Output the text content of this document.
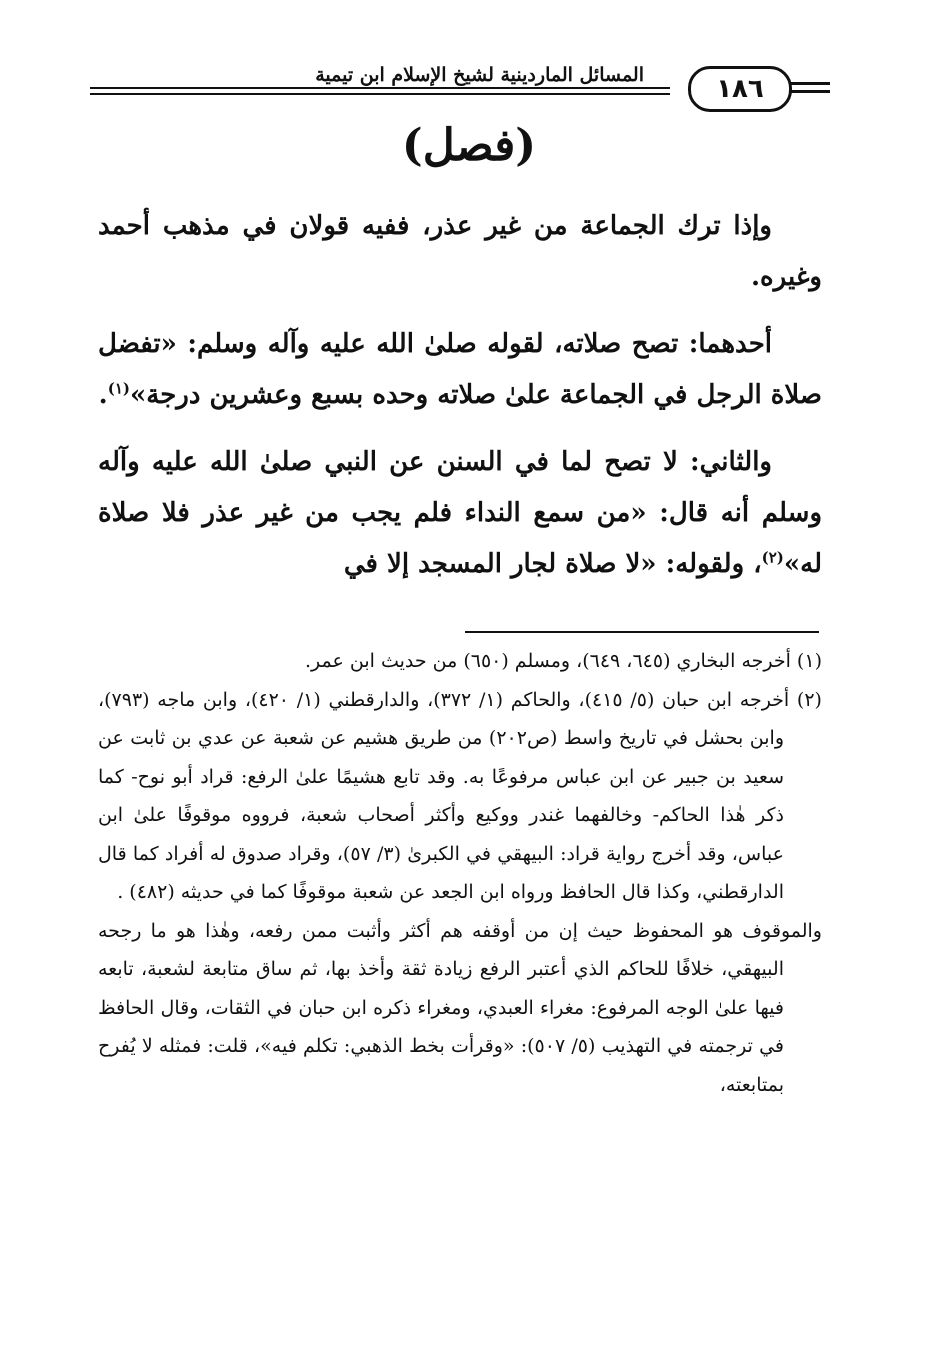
المسائل الماردينية لشيخ الإسلام ابن تيمية	١٨٦
(فصل)

وإذا ترك الجماعة من غير عذر، ففيه قولان في مذهب أحمد وغيره.

أحدهما: تصح صلاته، لقوله صلىٰ الله عليه وآله وسلم: «تفضل صلاة الرجل في الجماعة علىٰ صلاته وحده بسبع وعشرين درجة»$^{(١)}$.

والثاني: لا تصح لما في السنن عن النبي صلىٰ الله عليه وآله وسلم أنه قال: «من سمع النداء فلم يجب من غير عذر فلا صلاة له»$^{(٢)}$، ولقوله: «لا صلاة لجار المسجد إلا في

(١) أخرجه البخاري (٦٤٥، ٦٤٩)، ومسلم (٦٥٠) من حديث ابن عمر.

(٢) أخرجه ابن حبان (٥/ ٤١٥)، والحاكم (١/ ٣٧٢)، والدارقطني (١/ ٤٢٠)، وابن ماجه (٧٩٣)، وابن بحشل في تاريخ واسط (ص٢٠٢) من طريق هشيم عن شعبة عن عدي بن ثابت عن سعيد بن جبير عن ابن عباس مرفوعًا به. وقد تابع هشيمًا علىٰ الرفع: قراد أبو نوح- كما ذكر هٰذا الحاكم- وخالفهما غندر ووكيع وأكثر أصحاب شعبة، فرووه موقوفًا علىٰ ابن عباس، وقد أخرج رواية قراد: البيهقي في الكبرىٰ (٣/ ٥٧)، وقراد صدوق له أفراد كما قال الدارقطني، وكذا قال الحافظ ورواه ابن الجعد عن شعبة موقوفًا كما في حديثه (٤٨٢) .

والموقوف هو المحفوظ حيث إن من أوقفه هم أكثر وأثبت ممن رفعه، وهٰذا هو ما رجحه البيهقي، خلافًا للحاكم الذي أعتبر الرفع زيادة ثقة وأخذ بها، ثم ساق متابعة لشعبة، تابعه فيها علىٰ الوجه المرفوع: مغراء العبدي، ومغراء ذكره ابن حبان في الثقات، وقال الحافظ في ترجمته في التهذيب (٥/ ٥٠٧): «وقرأت بخط الذهبي: تكلم فيه»، قلت: فمثله لا يُفرح بمتابعته،
